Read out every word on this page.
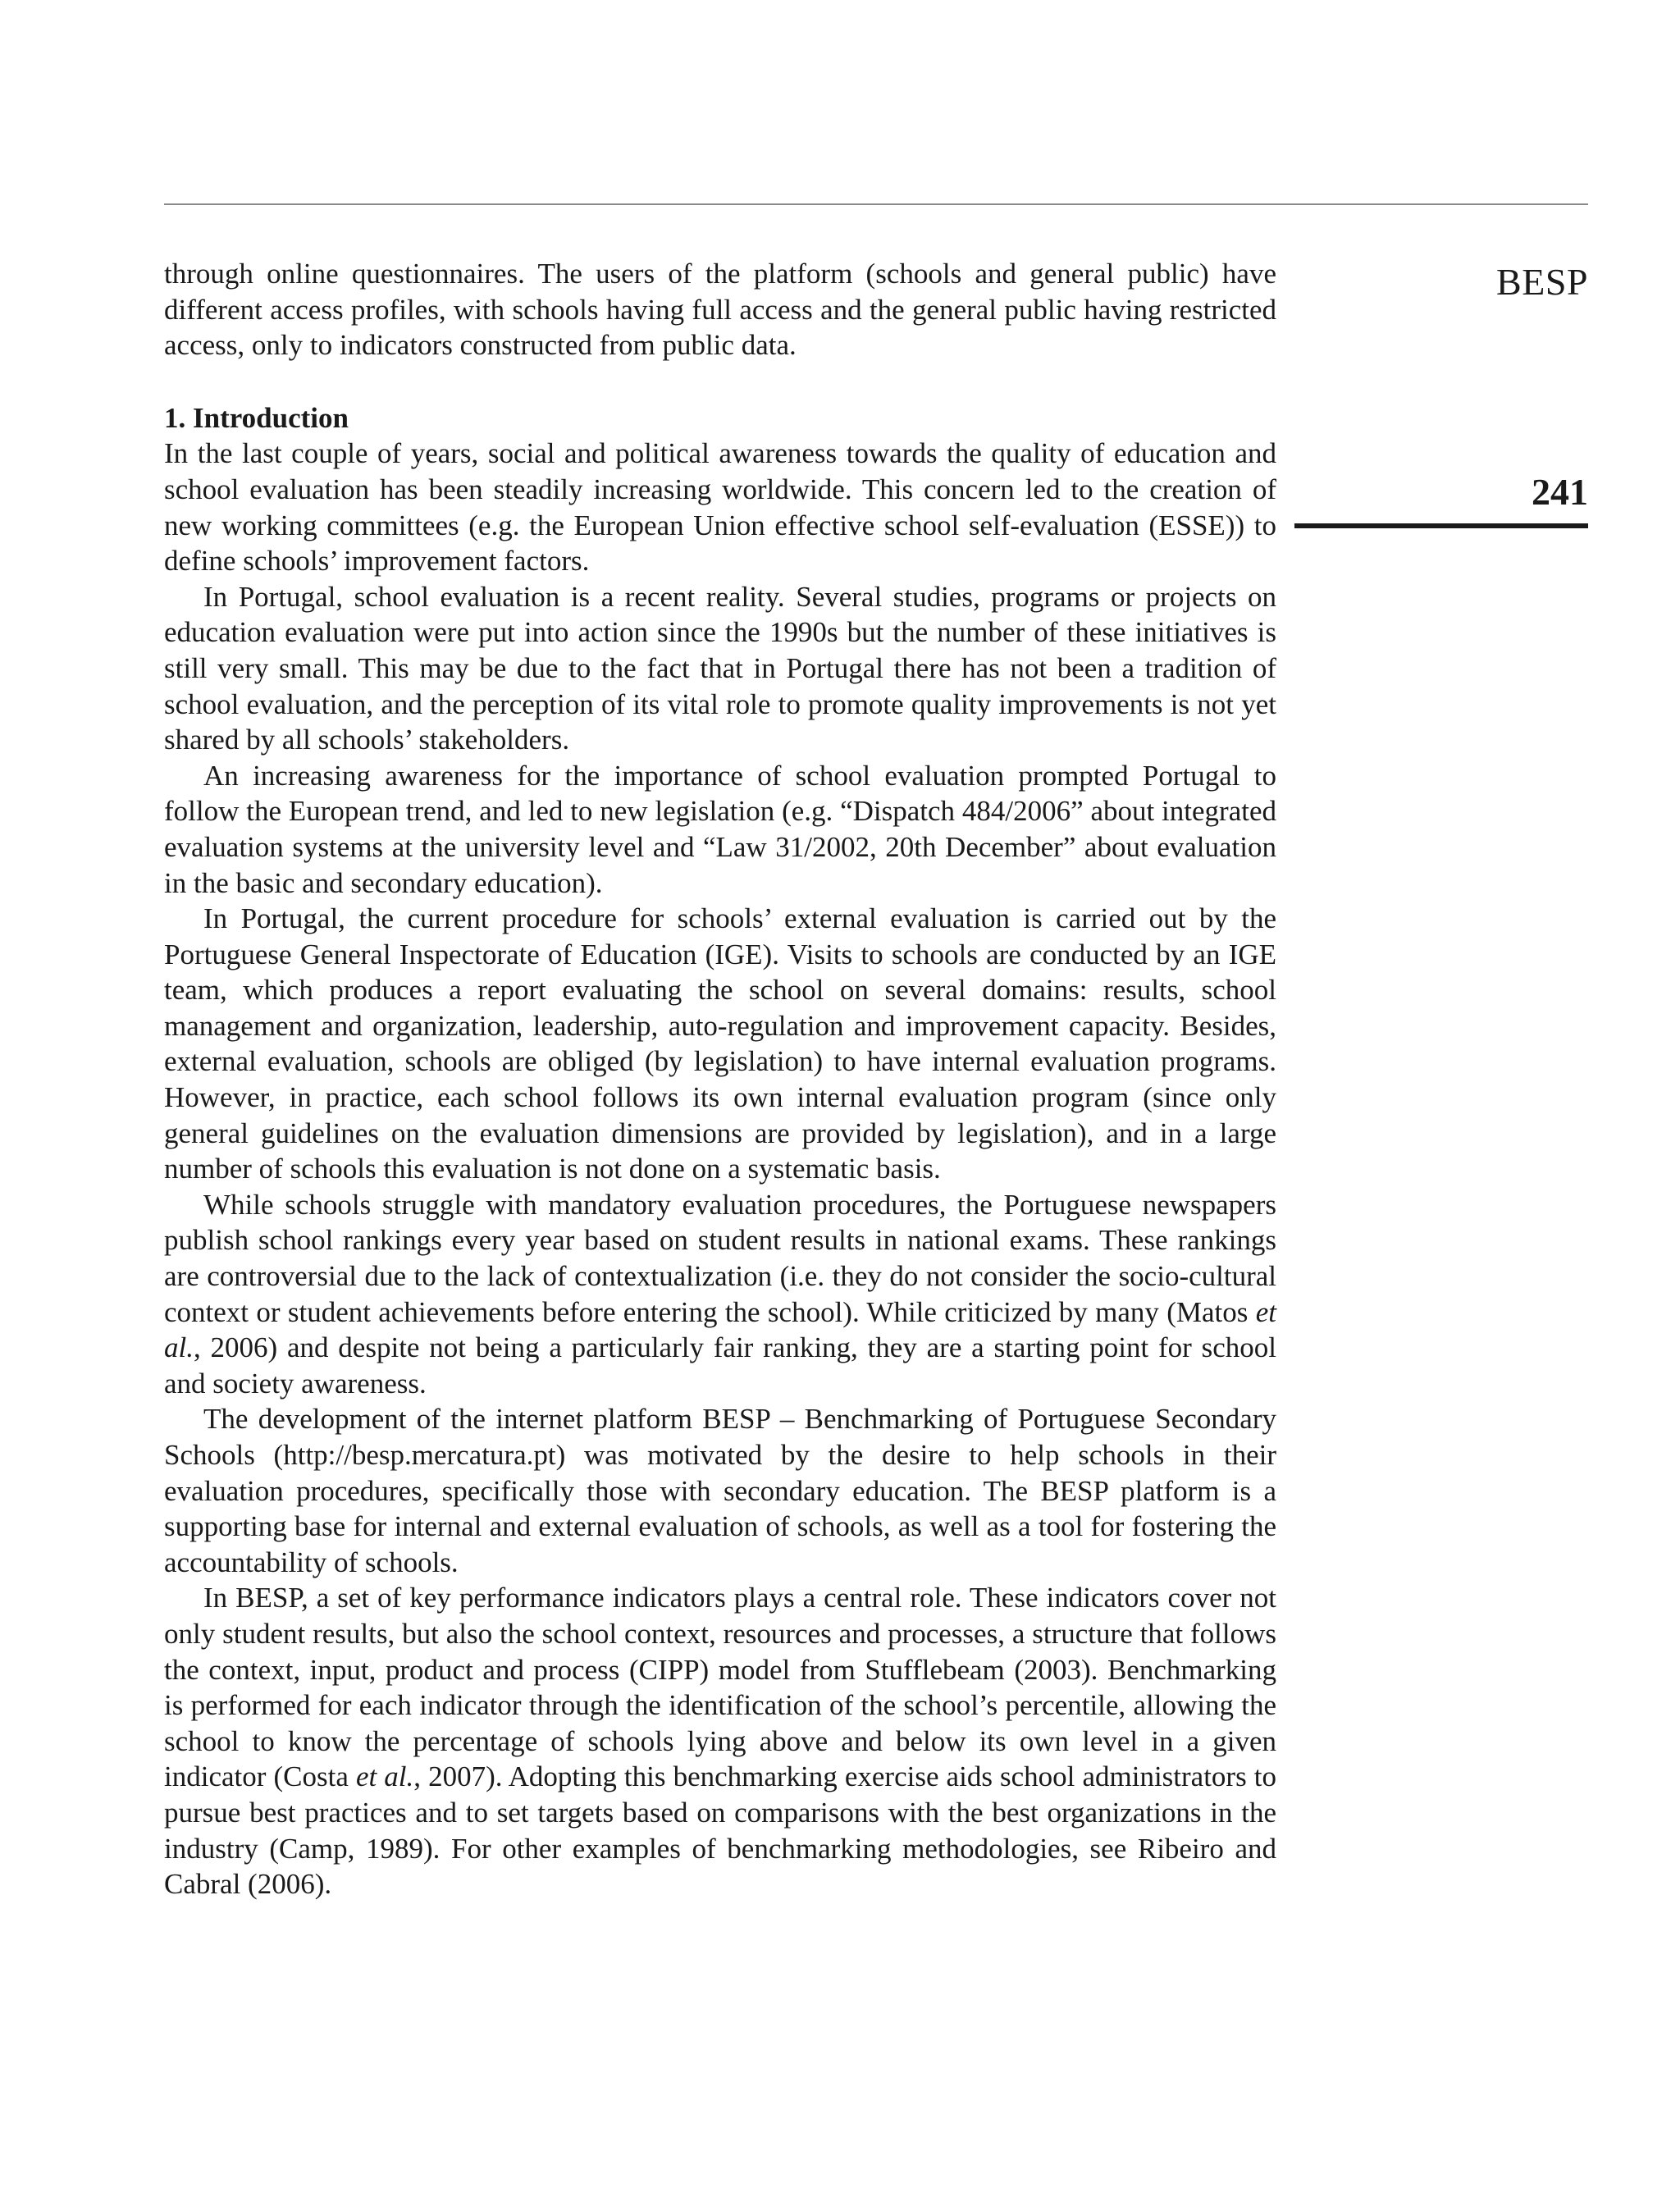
BESP
241

through online questionnaires. The users of the platform (schools and general public) have different access profiles, with schools having full access and the general public having restricted access, only to indicators constructed from public data.

1. Introduction

In the last couple of years, social and political awareness towards the quality of education and school evaluation has been steadily increasing worldwide. This concern led to the creation of new working committees (e.g. the European Union effective school self-evaluation (ESSE)) to define schools’ improvement factors.

In Portugal, school evaluation is a recent reality. Several studies, programs or projects on education evaluation were put into action since the 1990s but the number of these initiatives is still very small. This may be due to the fact that in Portugal there has not been a tradition of school evaluation, and the perception of its vital role to promote quality improvements is not yet shared by all schools’ stakeholders.

An increasing awareness for the importance of school evaluation prompted Portugal to follow the European trend, and led to new legislation (e.g. “Dispatch 484/2006” about integrated evaluation systems at the university level and “Law 31/2002, 20th December” about evaluation in the basic and secondary education).

In Portugal, the current procedure for schools’ external evaluation is carried out by the Portuguese General Inspectorate of Education (IGE). Visits to schools are conducted by an IGE team, which produces a report evaluating the school on several domains: results, school management and organization, leadership, auto-regulation and improvement capacity. Besides, external evaluation, schools are obliged (by legislation) to have internal evaluation programs. However, in practice, each school follows its own internal evaluation program (since only general guidelines on the evaluation dimensions are provided by legislation), and in a large number of schools this evaluation is not done on a systematic basis.

While schools struggle with mandatory evaluation procedures, the Portuguese newspapers publish school rankings every year based on student results in national exams. These rankings are controversial due to the lack of contextualization (i.e. they do not consider the socio-cultural context or student achievements before entering the school). While criticized by many (Matos et al., 2006) and despite not being a particularly fair ranking, they are a starting point for school and society awareness.

The development of the internet platform BESP – Benchmarking of Portuguese Secondary Schools (http://besp.mercatura.pt) was motivated by the desire to help schools in their evaluation procedures, specifically those with secondary education. The BESP platform is a supporting base for internal and external evaluation of schools, as well as a tool for fostering the accountability of schools.

In BESP, a set of key performance indicators plays a central role. These indicators cover not only student results, but also the school context, resources and processes, a structure that follows the context, input, product and process (CIPP) model from Stufflebeam (2003). Benchmarking is performed for each indicator through the identification of the school’s percentile, allowing the school to know the percentage of schools lying above and below its own level in a given indicator (Costa et al., 2007). Adopting this benchmarking exercise aids school administrators to pursue best practices and to set targets based on comparisons with the best organizations in the industry (Camp, 1989). For other examples of benchmarking methodologies, see Ribeiro and Cabral (2006).
